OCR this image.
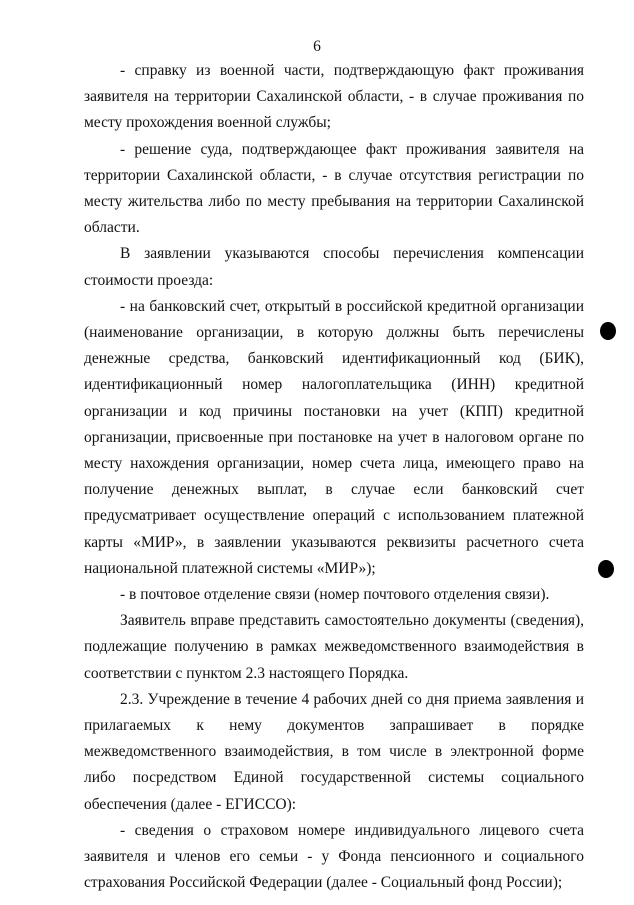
6

- справку из военной части, подтверждающую факт проживания заявителя на территории Сахалинской области, - в случае проживания по месту прохождения военной службы;

- решение суда, подтверждающее факт проживания заявителя на территории Сахалинской области, - в случае отсутствия регистрации по месту жительства либо по месту пребывания на территории Сахалинской области.

В заявлении указываются способы перечисления компенсации стоимости проезда:

- на банковский счет, открытый в российской кредитной организации (наименование организации, в которую должны быть перечислены денежные средства, банковский идентификационный код (БИК), идентификационный номер налогоплательщика (ИНН) кредитной организации и код причины постановки на учет (КПП) кредитной организации, присвоенные при постановке на учет в налоговом органе по месту нахождения организации, номер счета лица, имеющего право на получение денежных выплат, в случае если банковский счет предусматривает осуществление операций с использованием платежной карты «МИР», в заявлении указываются реквизиты расчетного счета национальной платежной системы «МИР»);

- в почтовое отделение связи (номер почтового отделения связи).

Заявитель вправе представить самостоятельно документы (сведения), подлежащие получению в рамках межведомственного взаимодействия в соответствии с пунктом 2.3 настоящего Порядка.

2.3. Учреждение в течение 4 рабочих дней со дня приема заявления и прилагаемых к нему документов запрашивает в порядке межведомственного взаимодействия, в том числе в электронной форме либо посредством Единой государственной системы социального обеспечения (далее - ЕГИССО):

- сведения о страховом номере индивидуального лицевого счета заявителя и членов его семьи - у Фонда пенсионного и социального страхования Российской Федерации (далее - Социальный фонд России);
